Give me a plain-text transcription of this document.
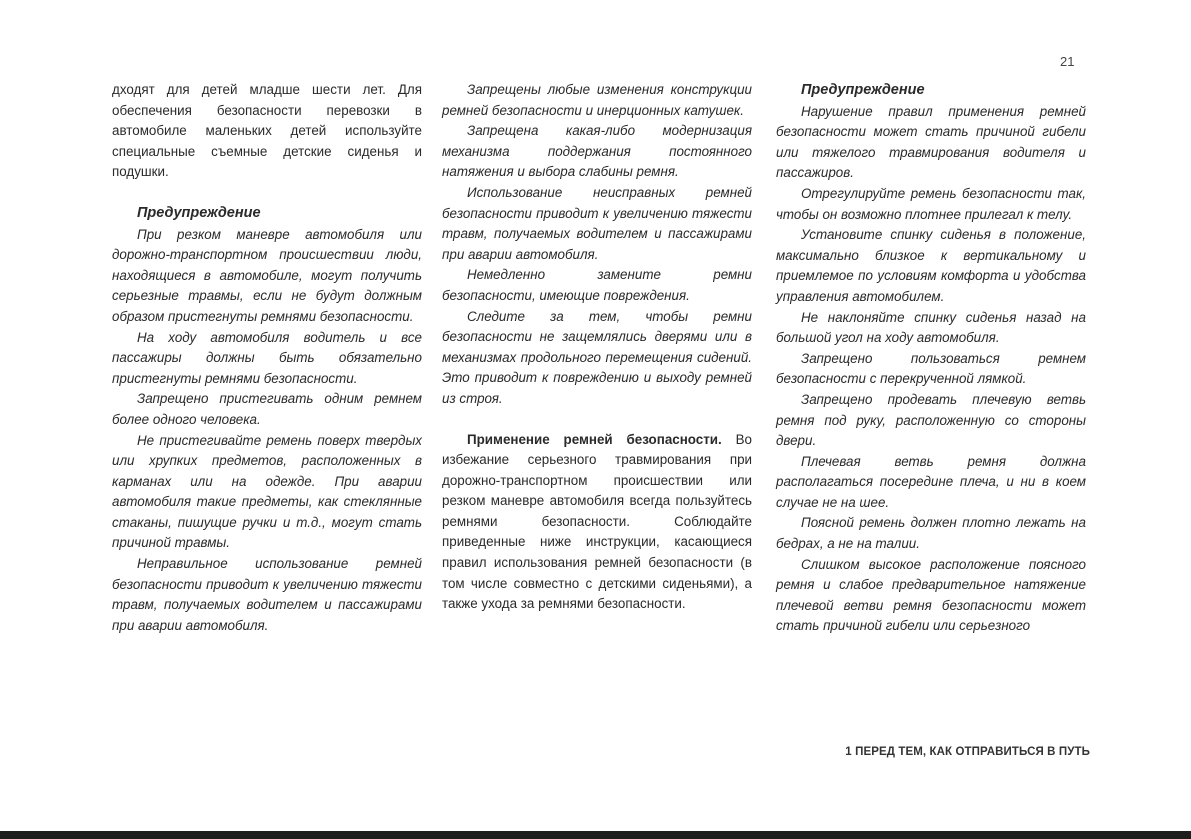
21

дходят для детей младше шести лет. Для обеспечения безопасности перевозки в автомобиле маленьких детей используйте специальные съемные детские сиденья и подушки.

Предупреждение

При резком маневре автомобиля или дорожно-транспортном происшествии люди, находящиеся в автомобиле, могут получить серьезные травмы, если не будут должным образом пристегнуты ремнями безопасности.

На ходу автомобиля водитель и все пассажиры должны быть обязательно пристегнуты ремнями безопасности.

Запрещено пристегивать одним ремнем более одного человека.

Не пристегивайте ремень поверх твердых или хрупких предметов, расположенных в карманах или на одежде. При аварии автомобиля такие предметы, как стеклянные стаканы, пишущие ручки и т.д., могут стать причиной травмы.

Неправильное использование ремней безопасности приводит к увеличению тяжести травм, получаемых водителем и пассажирами при аварии автомобиля.

Запрещены любые изменения конструкции ремней безопасности и инерционных катушек.

Запрещена какая-либо модернизация механизма поддержания постоянного натяжения и выбора слабины ремня.

Использование неисправных ремней безопасности приводит к увеличению тяжести травм, получаемых водителем и пассажирами при аварии автомобиля.

Немедленно замените ремни безопасности, имеющие повреждения.

Следите за тем, чтобы ремни безопасности не защемлялись дверями или в механизмах продольного перемещения сидений. Это приводит к повреждению и выходу ремней из строя.

Применение ремней безопасности. Во избежание серьезного травмирования при дорожно-транспортном происшествии или резком маневре автомобиля всегда пользуйтесь ремнями безопасности. Соблюдайте приведенные ниже инструкции, касающиеся правил использования ремней безопасности (в том числе совместно с детскими сиденьями), а также ухода за ремнями безопасности.

Предупреждение

Нарушение правил применения ремней безопасности может стать причиной гибели или тяжелого травмирования водителя и пассажиров.

Отрегулируйте ремень безопасности так, чтобы он возможно плотнее прилегал к телу.

Установите спинку сиденья в положение, максимально близкое к вертикальному и приемлемое по условиям комфорта и удобства управления автомобилем.

Не наклоняйте спинку сиденья назад на большой угол на ходу автомобиля.

Запрещено пользоваться ремнем безопасности с перекрученной лямкой.

Запрещено продевать плечевую ветвь ремня под руку, расположенную со стороны двери.

Плечевая ветвь ремня должна располагаться посередине плеча, и ни в коем случае не на шее.

Поясной ремень должен плотно лежать на бедрах, а не на талии.

Слишком высокое расположение поясного ремня и слабое предварительное натяжение плечевой ветви ремня безопасности может стать причиной гибели или серьезного

1 ПЕРЕД ТЕМ, КАК ОТПРАВИТЬСЯ В ПУТЬ
